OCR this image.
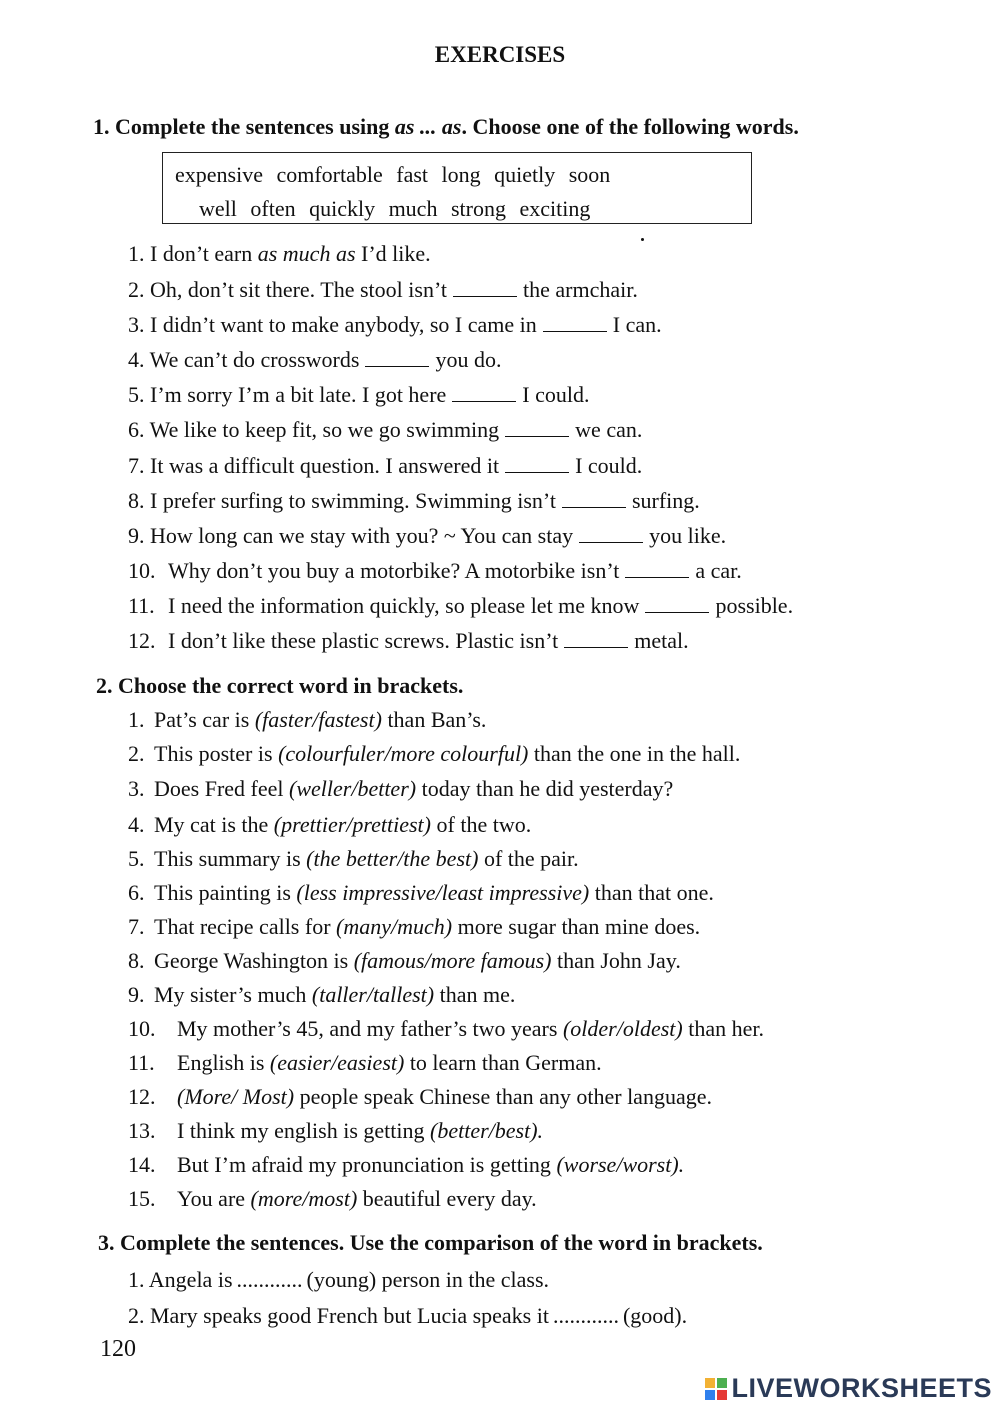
EXERCISES
1. Complete the sentences using as ... as. Choose one of the following words.
expensive comfortable fast long quietly soon
well often quickly much strong exciting
1. I don’t earn as much as I’d like.
2. Oh, don’t sit there. The stool isn’t	the armchair.
3. I didn’t want to make anybody, so I came in	I can.
4. We can’t do crosswords	you do.
5. I’m sorry I’m a bit late. I got here	I could.
6. We like to keep fit, so we go swimming	we can.
7. It was a difficult question. I answered it	I could.
8. I prefer surfing to swimming. Swimming isn’t	surfing.
9. How long can we stay with you? ~ You can stay	you like.
10. Why don’t you buy a motorbike? A motorbike isn’t	a car.
11. I need the information quickly, so please let me know	possible.
12. I don’t like these plastic screws. Plastic isn’t	metal.
2. Choose the correct word in brackets.
1. Pat’s car is (faster/fastest) than Ban’s.
2. This poster is (colourfuler/more colourful) than the one in the hall.
3. Does Fred feel (weller/better) today than he did yesterday?
4. My cat is the (prettier/prettiest) of the two.
5. This summary is (the better/the best) of the pair.
6. This painting is (less impressive/least impressive) than that one.
7. That recipe calls for (many/much) more sugar than mine does.
8. George Washington is (famous/more famous) than John Jay.
9. My sister’s much (taller/tallest) than me.
10. My mother’s 45, and my father’s two years (older/oldest) than her.
11. English is (easier/easiest) to learn than German.
12. (More/ Most) people speak Chinese than any other language.
13. I think my english is getting (better/best).
14. But I’m afraid my pronunciation is getting (worse/worst).
15. You are (more/most) beautiful every day.
3. Complete the sentences. Use the comparison of the word in brackets.
1. Angela is ............ (young) person in the class.
2. Mary speaks good French but Lucia speaks it ............ (good).
120
LIVEWORKSHEETS
